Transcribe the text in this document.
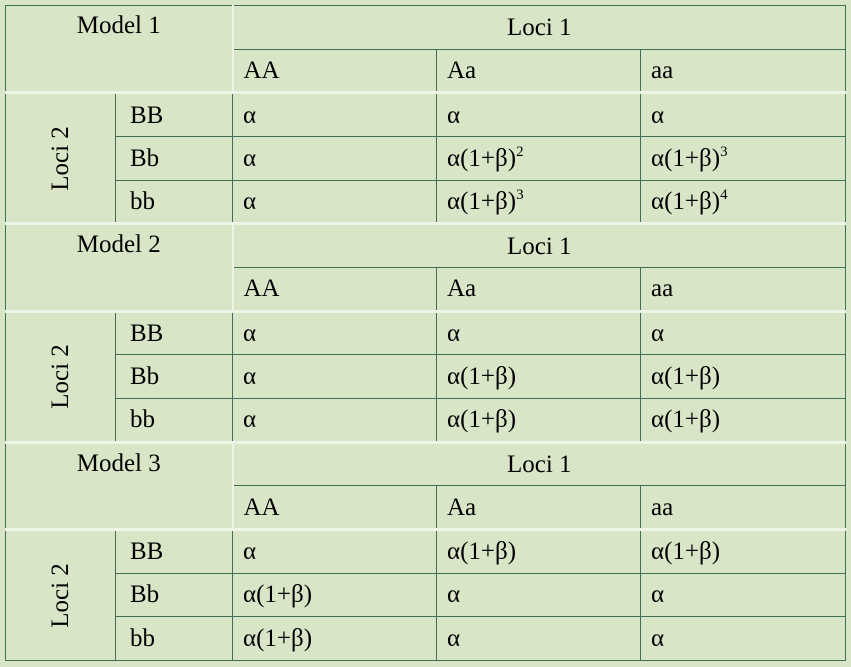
Model 1		Loci 1		
		AA	Aa	aa
Loci 2	BB	α	α	α
	Bb	α	$\alpha(1+\beta)^2$	$\alpha(1+\beta)^3$
	bb	α	$\alpha(1+\beta)^3$	$\alpha(1+\beta)^4$
Model 2		Loci 1		
		AA	Aa	aa
Loci 2	BB	α	α	α
	Bb	α	α(1+β)	α(1+β)
	bb	α	α(1+β)	α(1+β)
Model 3		Loci 1		
		AA	Aa	aa
Loci 2	BB	α	α(1+β)	α(1+β)
	Bb	α(1+β)	α	α
	bb	α(1+β)	α	α
